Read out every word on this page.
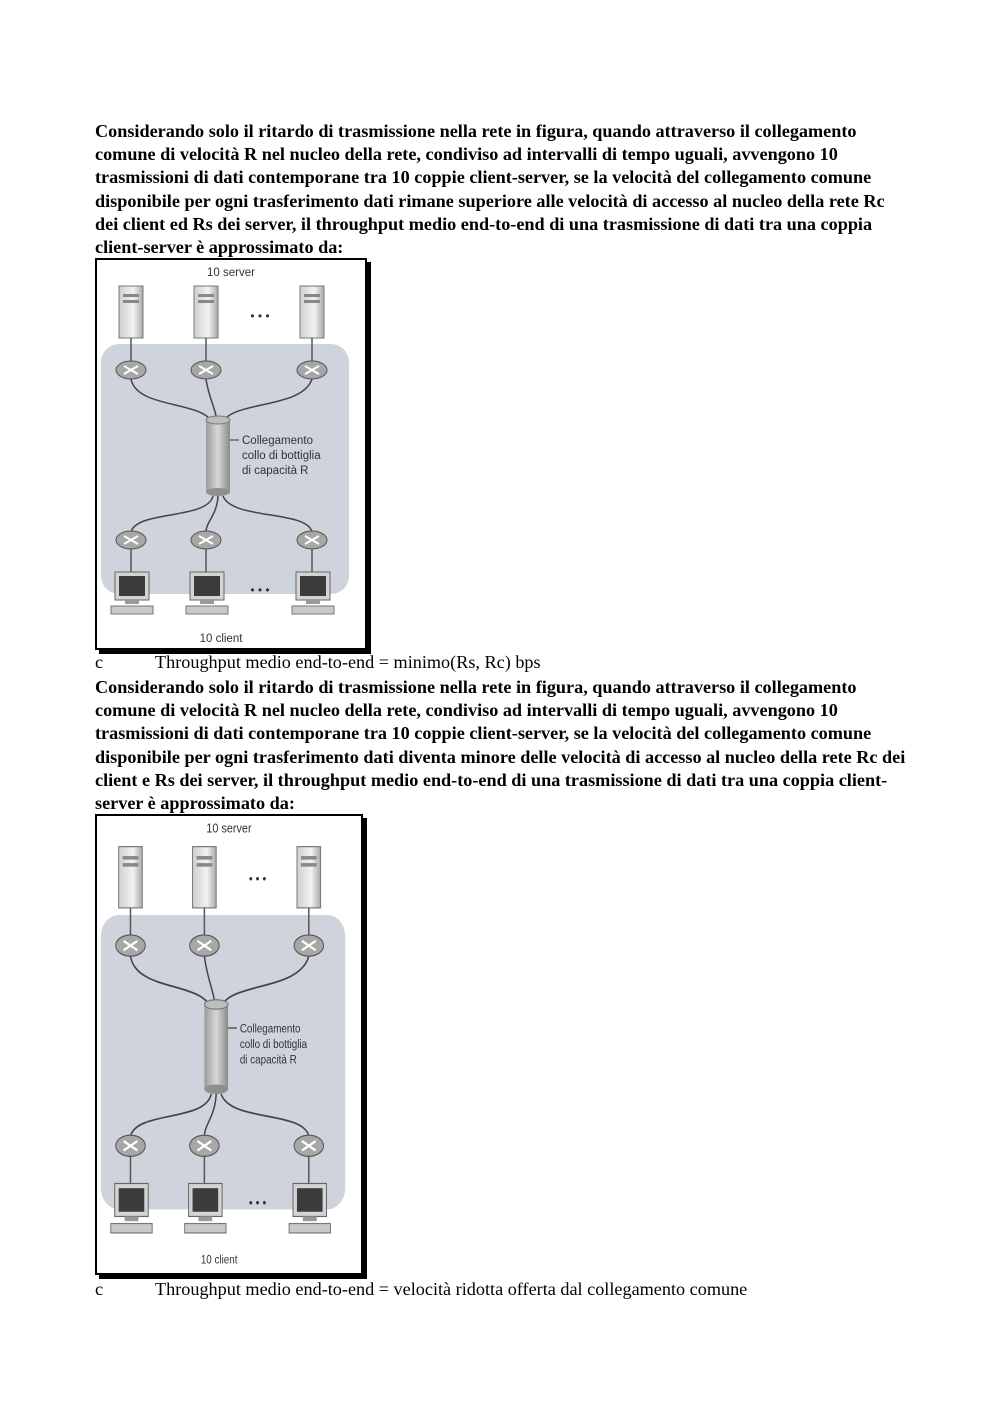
Considerando solo il ritardo di trasmissione nella rete in figura, quando attraverso il collegamento comune di velocità R nel nucleo della rete, condiviso ad intervalli di tempo uguali, avvengono 10 trasmissioni di dati contemporane tra 10 coppie client-server, se la velocità del collegamento comune disponibile per ogni trasferimento dati rimane superiore alle velocità di accesso al nucleo della rete Rc dei client ed Rs dei server, il throughput medio end-to-end di una trasmissione di dati tra una coppia client-server è approssimato da:

10 server
• • •
Collegamento
collo di bottiglia
di capacità R
• • •
10 client

c	Throughput medio end-to-end = minimo(Rs, Rc) bps

Considerando solo il ritardo di trasmissione nella rete in figura, quando attraverso il collegamento comune di velocità R nel nucleo della rete, condiviso ad intervalli di tempo uguali, avvengono 10 trasmissioni di dati contemporane tra 10 coppie client-server, se la velocità del collegamento comune disponibile per ogni trasferimento dati diventa minore delle velocità di accesso al nucleo della rete Rc dei client e Rs dei server, il throughput medio end-to-end di una trasmissione di dati tra una coppia client-server è approssimato da:

10 server
• • •
Collegamento
collo di bottiglia
di capacità R
• • •
10 client

c	Throughput medio end-to-end = velocità ridotta offerta dal collegamento comune
